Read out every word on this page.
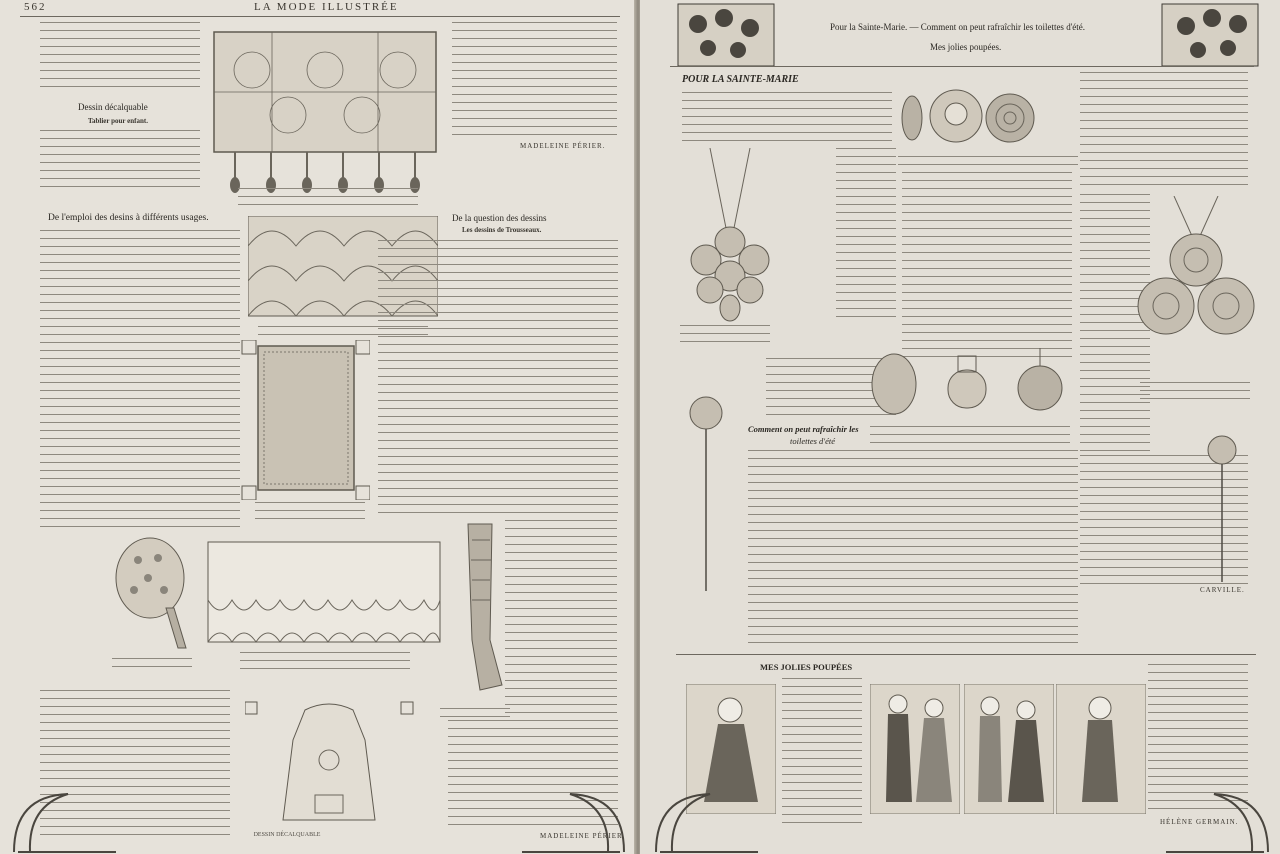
562	LA MODE ILLUSTRÉE
Dessin décalquable
Tablier pour enfant.
MADELEINE PÉRIER.
De l'emploi des desins à différents usages.	De la question des dessins
Les dessins de Trousseaux.
MADELEINE PÉRIER
DESSIN DÉCALQUABLE
Pour la Sainte-Marie. — Comment on peut rafraîchir les toilettes d'été.
Mes jolies poupées.
POUR LA SAINTE-MARIE
CARVILLE.
Comment on peut rafraîchir les
toilettes d'été
MES JOLIES POUPÉES
HÉLÈNE GERMAIN.
